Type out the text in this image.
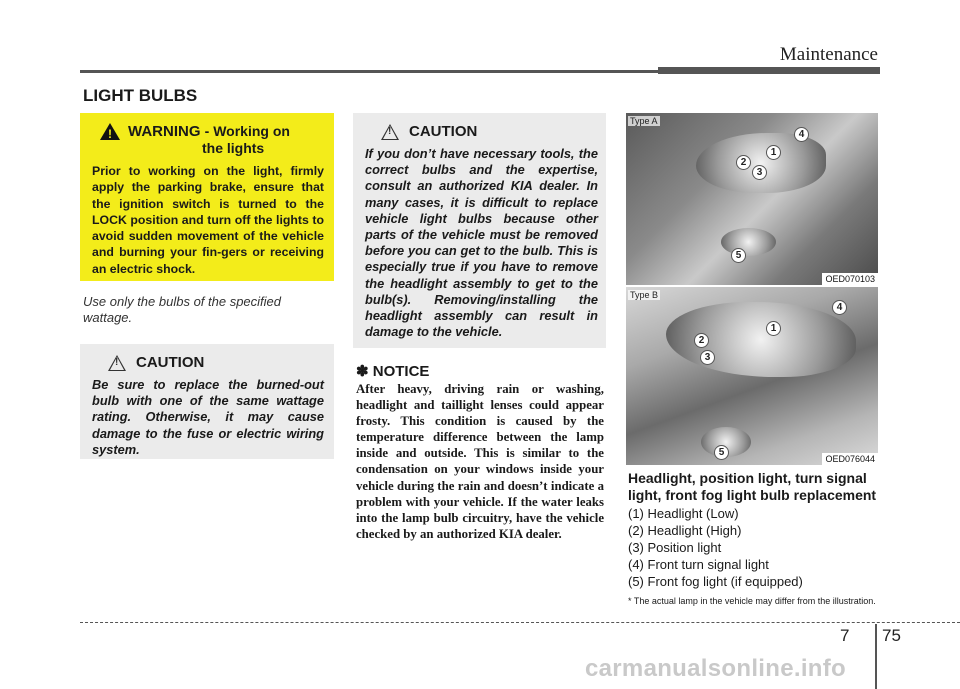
Maintenance
LIGHT BULBS
!
WARNING - Working on
the lights
Prior to working on the light, firmly apply the parking brake, ensure that the ignition switch is turned to the LOCK position and turn off the lights to avoid sudden movement of the vehicle and burning your fin-gers or receiving an electric shock.
Use only the bulbs of the specified wattage.
!
CAUTION
Be sure to replace the burned-out bulb with one of the same wattage rating. Otherwise, it may cause damage to the fuse or electric wiring system.
!
CAUTION
If you don’t have necessary tools, the correct bulbs and the expertise, consult an authorized KIA dealer. In many cases, it is difficult to replace vehicle light bulbs because other parts of the vehicle must be removed before you can get to the bulb. This is especially true if you have to remove the headlight assembly to get to the bulb(s). Removing/installing the headlight assembly can result in damage to the vehicle.
✽ NOTICE
After heavy, driving rain or washing, headlight and taillight lenses could appear frosty. This condition is caused by the temperature difference between the lamp inside and outside. This is similar to the condensation on your windows inside your vehicle during the rain and doesn’t indicate a problem with your vehicle. If the water leaks into the lamp bulb circuitry, have the vehicle checked by an authorized KIA dealer.
Type A
1
2
3
4
5
OED070103
Type B
1
2
3
4
5
OED076044
Headlight, position light, turn signal light, front fog light bulb replacement
(1) Headlight (Low)
(2) Headlight (High)
(3) Position light
(4) Front turn signal light
(5) Front fog light (if equipped)
* The actual lamp in the vehicle may differ from the illustration.
7 75
carmanualsonline.info
